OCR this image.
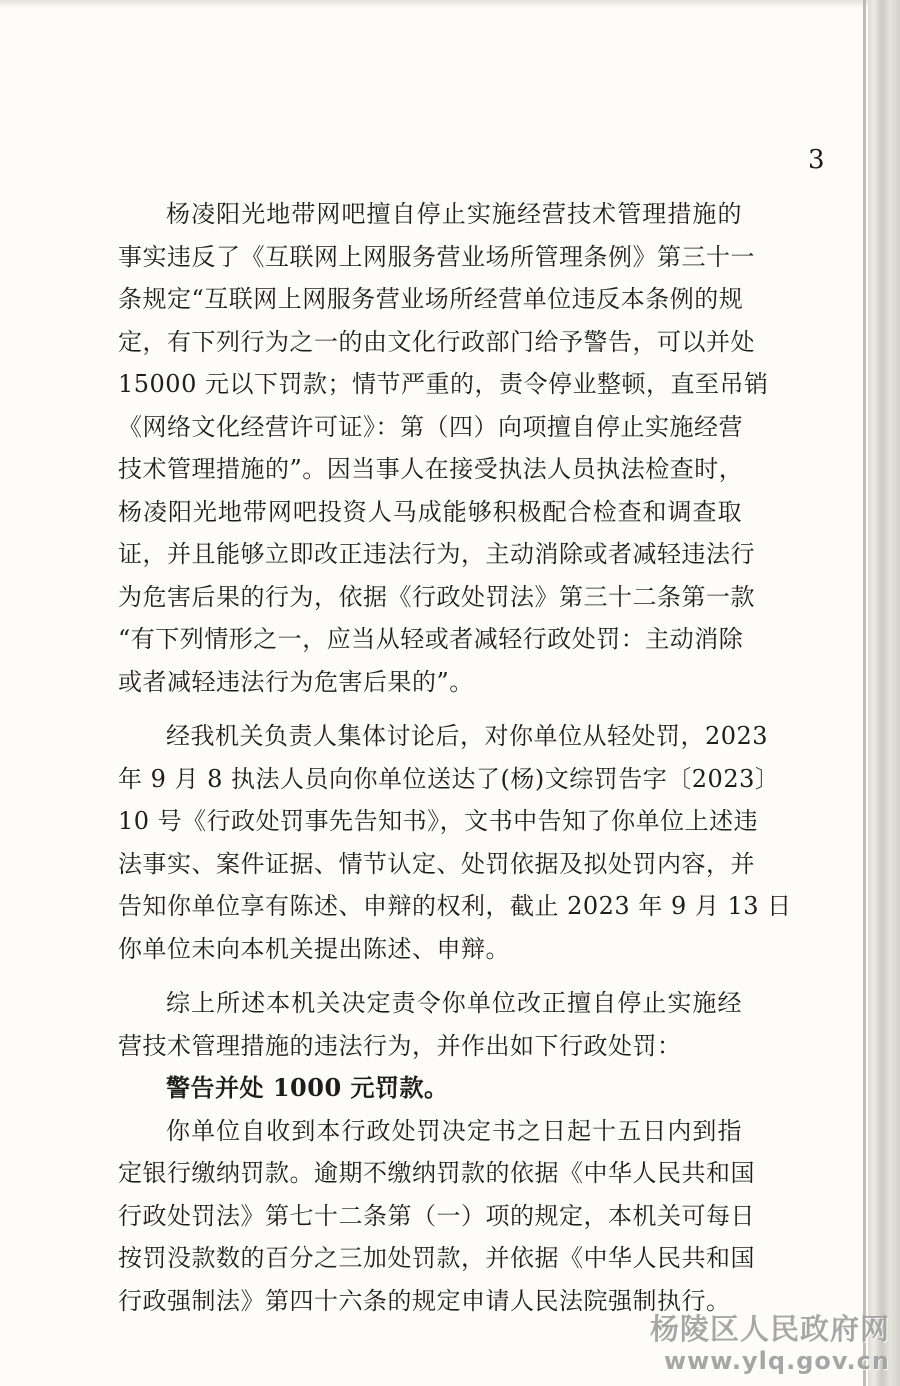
3
杨凌阳光地带网吧擅自停止实施经营技术管理措施的
事实违反了《互联网上网服务营业场所管理条例》第三十一
条规定“互联网上网服务营业场所经营单位违反本条例的规
定，有下列行为之一的由文化行政部门给予警告，可以并处
15000 元以下罚款；情节严重的，责令停业整顿，直至吊销
《网络文化经营许可证》：第（四）向项擅自停止实施经营
技术管理措施的”。因当事人在接受执法人员执法检查时，
杨凌阳光地带网吧投资人马成能够积极配合检查和调查取
证，并且能够立即改正违法行为，主动消除或者减轻违法行
为危害后果的行为，依据《行政处罚法》第三十二条第一款
“有下列情形之一，应当从轻或者减轻行政处罚：主动消除
或者减轻违法行为危害后果的”。
经我机关负责人集体讨论后，对你单位从轻处罚，2023
年 9 月 8 执法人员向你单位送达了(杨)文综罚告字〔2023〕
10 号《行政处罚事先告知书》，文书中告知了你单位上述违
法事实、案件证据、情节认定、处罚依据及拟处罚内容，并
告知你单位享有陈述、申辩的权利，截止 2023 年 9 月 13 日
你单位未向本机关提出陈述、申辩。
综上所述本机关决定责令你单位改正擅自停止实施经
营技术管理措施的违法行为，并作出如下行政处罚：
警告并处 1000 元罚款。
你单位自收到本行政处罚决定书之日起十五日内到指
定银行缴纳罚款。逾期不缴纳罚款的依据《中华人民共和国
行政处罚法》第七十二条第（一）项的规定，本机关可每日
按罚没款数的百分之三加处罚款，并依据《中华人民共和国
行政强制法》第四十六条的规定申请人民法院强制执行。
杨陵区人民政府网
www.ylq.gov.cn
